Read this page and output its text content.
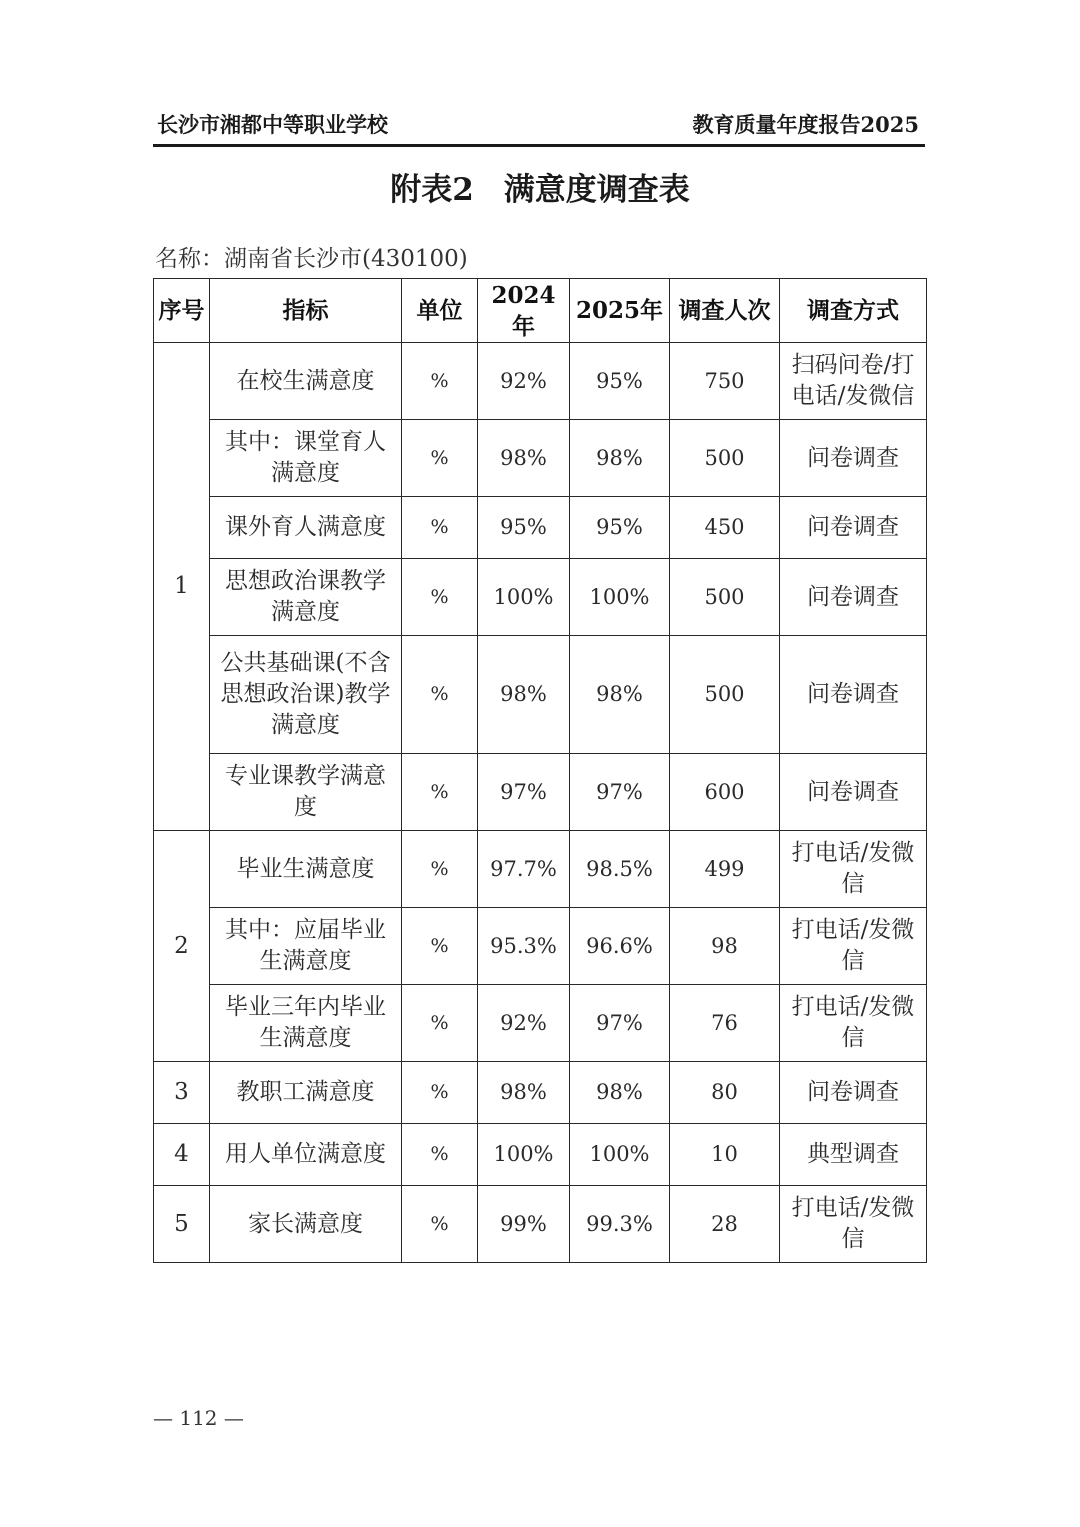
长沙市湘都中等职业学校	教育质量年度报告2025
附表2 满意度调查表
名称：湖南省长沙市(430100)
序号	指标	单位	2024年	2025年	调查人次	调查方式
1	在校生满意度	%	92%	95%	750	扫码问卷/打电话/发微信
	其中：课堂育人满意度	%	98%	98%	500	问卷调查
	课外育人满意度	%	95%	95%	450	问卷调查
	思想政治课教学满意度	%	100%	100%	500	问卷调查
	公共基础课(不含思想政治课)教学满意度	%	98%	98%	500	问卷调查
	专业课教学满意度	%	97%	97%	600	问卷调查
2	毕业生满意度	%	97.7%	98.5%	499	打电话/发微信
	其中：应届毕业生满意度	%	95.3%	96.6%	98	打电话/发微信
	毕业三年内毕业生满意度	%	92%	97%	76	打电话/发微信
3	教职工满意度	%	98%	98%	80	问卷调查
4	用人单位满意度	%	100%	100%	10	典型调查
5	家长满意度	%	99%	99.3%	28	打电话/发微信
— 112 —
